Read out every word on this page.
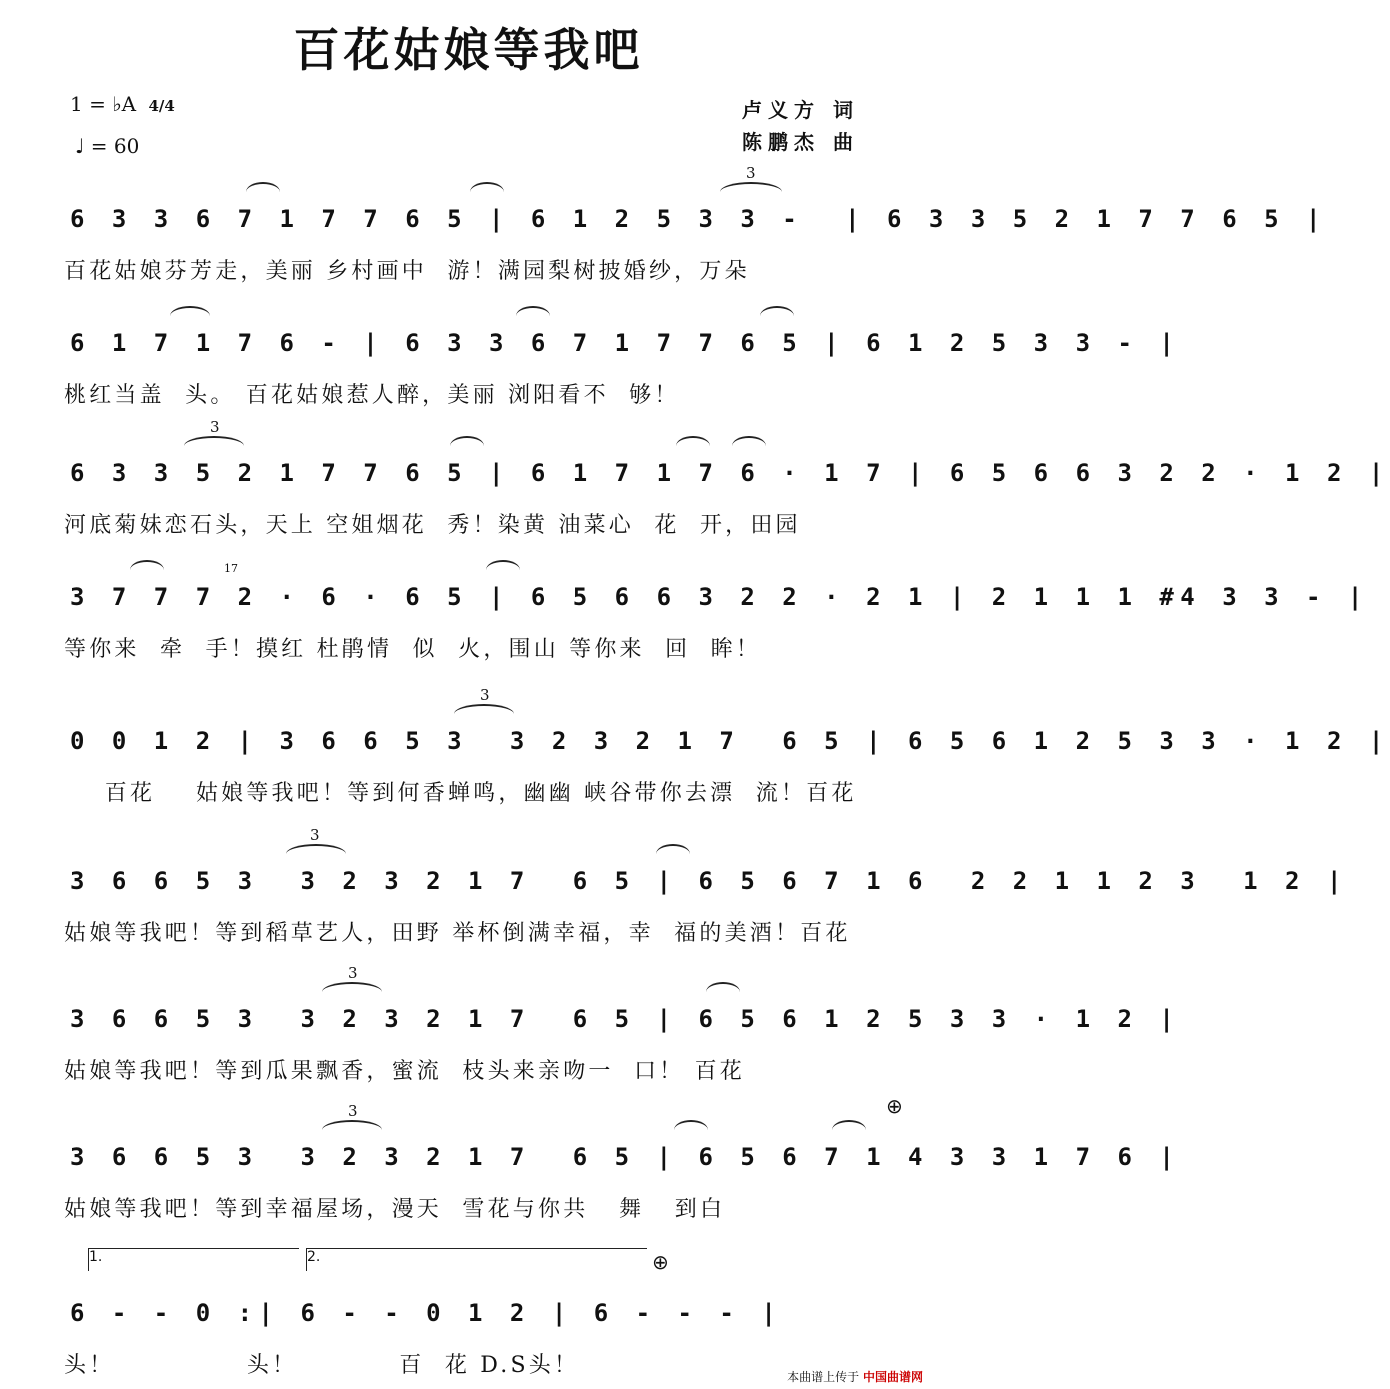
百花姑娘等我吧
1 = ♭A 4/4
♩ = 60
卢义方 词
陈鹏杰 曲
3
6 3 3 6 7 1 7 7 6 5 | 6 1 2 5 3 3 -  | 6 3 3 5 2 1 7 7 6 5 |
百花姑娘芬芳走，美丽 乡村画中  游！满园梨树披婚纱，万朵
6 1 7 1 7 6 - | 6 3 3 6 7 1 7 7 6 5 | 6 1 2 5 3 3 - |
桃红当盖  头。 百花姑娘惹人醉，美丽 浏阳看不  够！
3
6 3 3 5 2 1 7 7 6 5 | 6 1 7 1 7 6 · 1 7 | 6 5 6 6 3 2 2 · 1 2 |
河底菊妹恋石头，天上 空姐烟花  秀！染黄 油菜心  花  开，田园
17
3 7 7 7 2 · 6 · 6 5 | 6 5 6 6 3 2 2 · 2 1 | 2 1 1 1 #4 3 3 - |
等你来  牵  手！摸红 杜鹃情  似  火，围山 等你来  回  眸！
3
0 0 1 2 | 3 6 6 5 3  3 2 3 2 1 7  6 5 | 6 5 6 1 2 5 3 3 · 1 2 |
百花    姑娘等我吧！等到何香蝉鸣，幽幽 峡谷带你去漂  流！百花
3
3 6 6 5 3  3 2 3 2 1 7  6 5 | 6 5 6 7 1 6  2 2 1 1 2 3  1 2 |
姑娘等我吧！等到稻草艺人，田野 举杯倒满幸福，幸  福的美酒！百花
3
3 6 6 5 3  3 2 3 2 1 7  6 5 | 6 5 6 1 2 5 3 3 · 1 2 |
姑娘等我吧！等到瓜果飘香，蜜流  枝头来亲吻一  口！ 百花
3	⊕
3 6 6 5 3  3 2 3 2 1 7  6 5 | 6 5 6 7 1 4 3 3 1 7 6 |
姑娘等我吧！等到幸福屋场，漫天  雪花与你共   舞   到白
1.	2.	⊕
6 - - 0 :| 6 - - 0 1 2 | 6 - - - |
头！             头！          百  花 D.S头！	本曲谱上传于 中国曲谱网
